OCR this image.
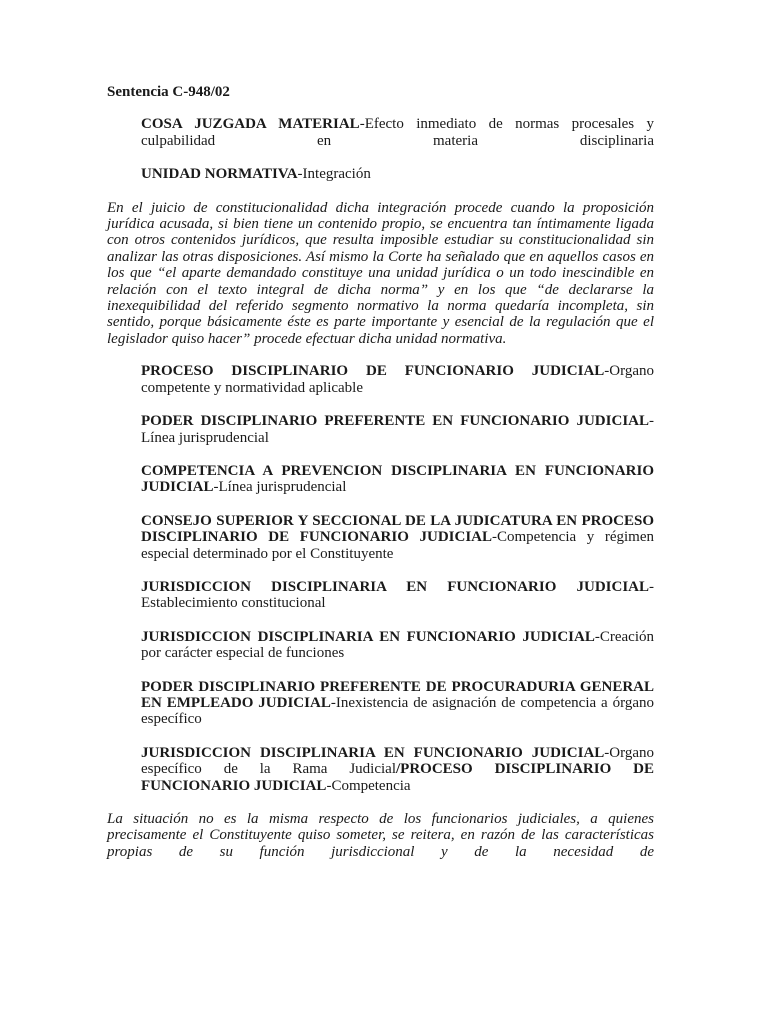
Sentencia C-948/02

COSA JUZGADA MATERIAL-Efecto inmediato de normas procesales y culpabilidad en materia disciplinaria

UNIDAD NORMATIVA-Integración

En el juicio de constitucionalidad dicha integración procede cuando la proposición jurídica acusada, si bien tiene un contenido propio, se encuentra tan íntimamente ligada con otros contenidos jurídicos, que resulta imposible estudiar su constitucionalidad sin analizar las otras disposiciones. Así mismo la Corte ha señalado que en aquellos casos en los que “el aparte demandado constituye una unidad jurídica o un todo inescindible en relación con el texto integral de dicha norma” y en los que “de declararse la inexequibilidad del referido segmento normativo la norma quedaría incompleta, sin sentido, porque básicamente éste es parte importante y esencial de la regulación que el legislador quiso hacer” procede efectuar dicha unidad normativa.

PROCESO DISCIPLINARIO DE FUNCIONARIO JUDICIAL-Organo competente y normatividad aplicable

PODER DISCIPLINARIO PREFERENTE EN FUNCIONARIO JUDICIAL-Línea jurisprudencial

COMPETENCIA A PREVENCION DISCIPLINARIA EN FUNCIONARIO JUDICIAL-Línea jurisprudencial

CONSEJO SUPERIOR Y SECCIONAL DE LA JUDICATURA EN PROCESO DISCIPLINARIO DE FUNCIONARIO JUDICIAL-Competencia y régimen especial determinado por el Constituyente

JURISDICCION DISCIPLINARIA EN FUNCIONARIO JUDICIAL-Establecimiento constitucional

JURISDICCION DISCIPLINARIA EN FUNCIONARIO JUDICIAL-Creación por carácter especial de funciones

PODER DISCIPLINARIO PREFERENTE DE PROCURADURIA GENERAL EN EMPLEADO JUDICIAL-Inexistencia de asignación de competencia a órgano específico

JURISDICCION DISCIPLINARIA EN FUNCIONARIO JUDICIAL-Organo específico de la Rama Judicial/PROCESO DISCIPLINARIO DE FUNCIONARIO JUDICIAL-Competencia

La situación no es la misma respecto de los funcionarios judiciales, a quienes precisamente el Constituyente quiso someter, se reitera, en razón de las características propias de su función jurisdiccional y de la necesidad de
